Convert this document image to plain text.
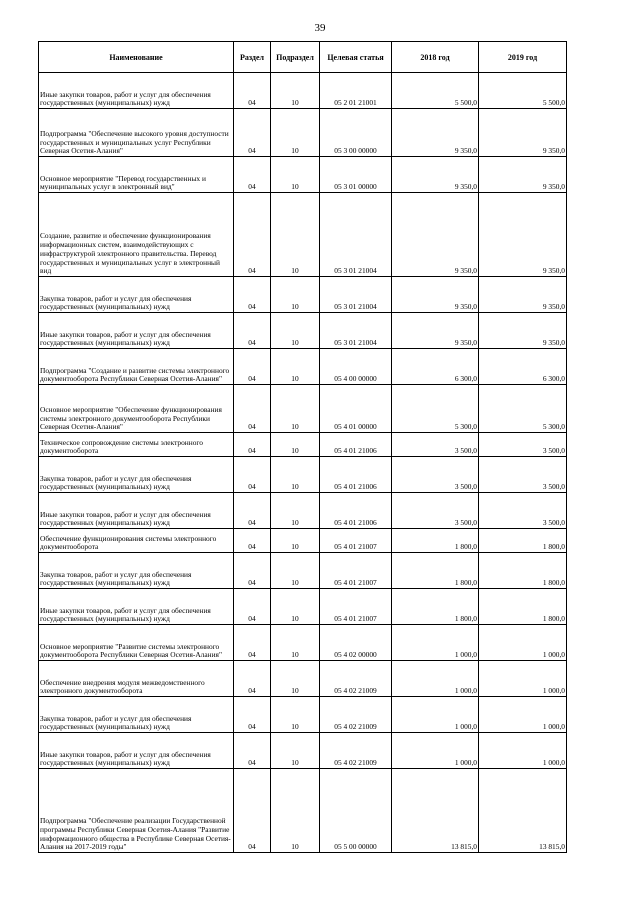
39
Наименование	Раздел	Подраздел	Целевая статья	2018 год	2019 год
Иные закупки товаров, работ и услуг для обеспечения государственных (муниципальных) нужд	04	10	05 2 01 21001	5 500,0	5 500,0
Подпрограмма "Обеспечение высокого уровня доступности государственных и муниципальных услуг Республики Северная Осетия-Алания"	04	10	05 3 00 00000	9 350,0	9 350,0
Основное мероприятие "Перевод государственных и муниципальных услуг в электронный вид"	04	10	05 3 01 00000	9 350,0	9 350,0
Создание, развитие и обеспечение функционирования информационных систем, взаимодействующих с инфраструктурой электронного правительства. Перевод государственных и муниципальных услуг в электронный вид	04	10	05 3 01 21004	9 350,0	9 350,0
Закупка товаров, работ и услуг для обеспечения государственных (муниципальных) нужд	04	10	05 3 01 21004	9 350,0	9 350,0
Иные закупки товаров, работ и услуг для обеспечения государственных (муниципальных) нужд	04	10	05 3 01 21004	9 350,0	9 350,0
Подпрограмма "Создание и развитие системы электронного документооборота Республики Северная Осетия-Алания"	04	10	05 4 00 00000	6 300,0	6 300,0
Основное мероприятие "Обеспечение функционирования системы электронного документооборота Республики Северная Осетия-Алания"	04	10	05 4 01 00000	5 300,0	5 300,0
Техническое сопровождение системы электронного документооборота	04	10	05 4 01 21006	3 500,0	3 500,0
Закупка товаров, работ и услуг для обеспечения государственных (муниципальных) нужд	04	10	05 4 01 21006	3 500,0	3 500,0
Иные закупки товаров, работ и услуг для обеспечения государственных (муниципальных) нужд	04	10	05 4 01 21006	3 500,0	3 500,0
Обеспечение функционирования системы электронного документооборота	04	10	05 4 01 21007	1 800,0	1 800,0
Закупка товаров, работ и услуг для обеспечения государственных (муниципальных) нужд	04	10	05 4 01 21007	1 800,0	1 800,0
Иные закупки товаров, работ и услуг для обеспечения государственных (муниципальных) нужд	04	10	05 4 01 21007	1 800,0	1 800,0
Основное мероприятие "Развитие системы электронного документооборота Республики Северная Осетия-Алания"	04	10	05 4 02 00000	1 000,0	1 000,0
Обеспечение внедрения модуля межведомственного электронного документооборота	04	10	05 4 02 21009	1 000,0	1 000,0
Закупка товаров, работ и услуг для обеспечения государственных (муниципальных) нужд	04	10	05 4 02 21009	1 000,0	1 000,0
Иные закупки товаров, работ и услуг для обеспечения государственных (муниципальных) нужд	04	10	05 4 02 21009	1 000,0	1 000,0
Подпрограмма "Обеспечение реализации Государственной программы Республики Северная Осетия-Алания "Развитие информационного общества в Республике Северная Осетия-Алания на 2017-2019 годы"	04	10	05 5 00 00000	13 815,0	13 815,0
